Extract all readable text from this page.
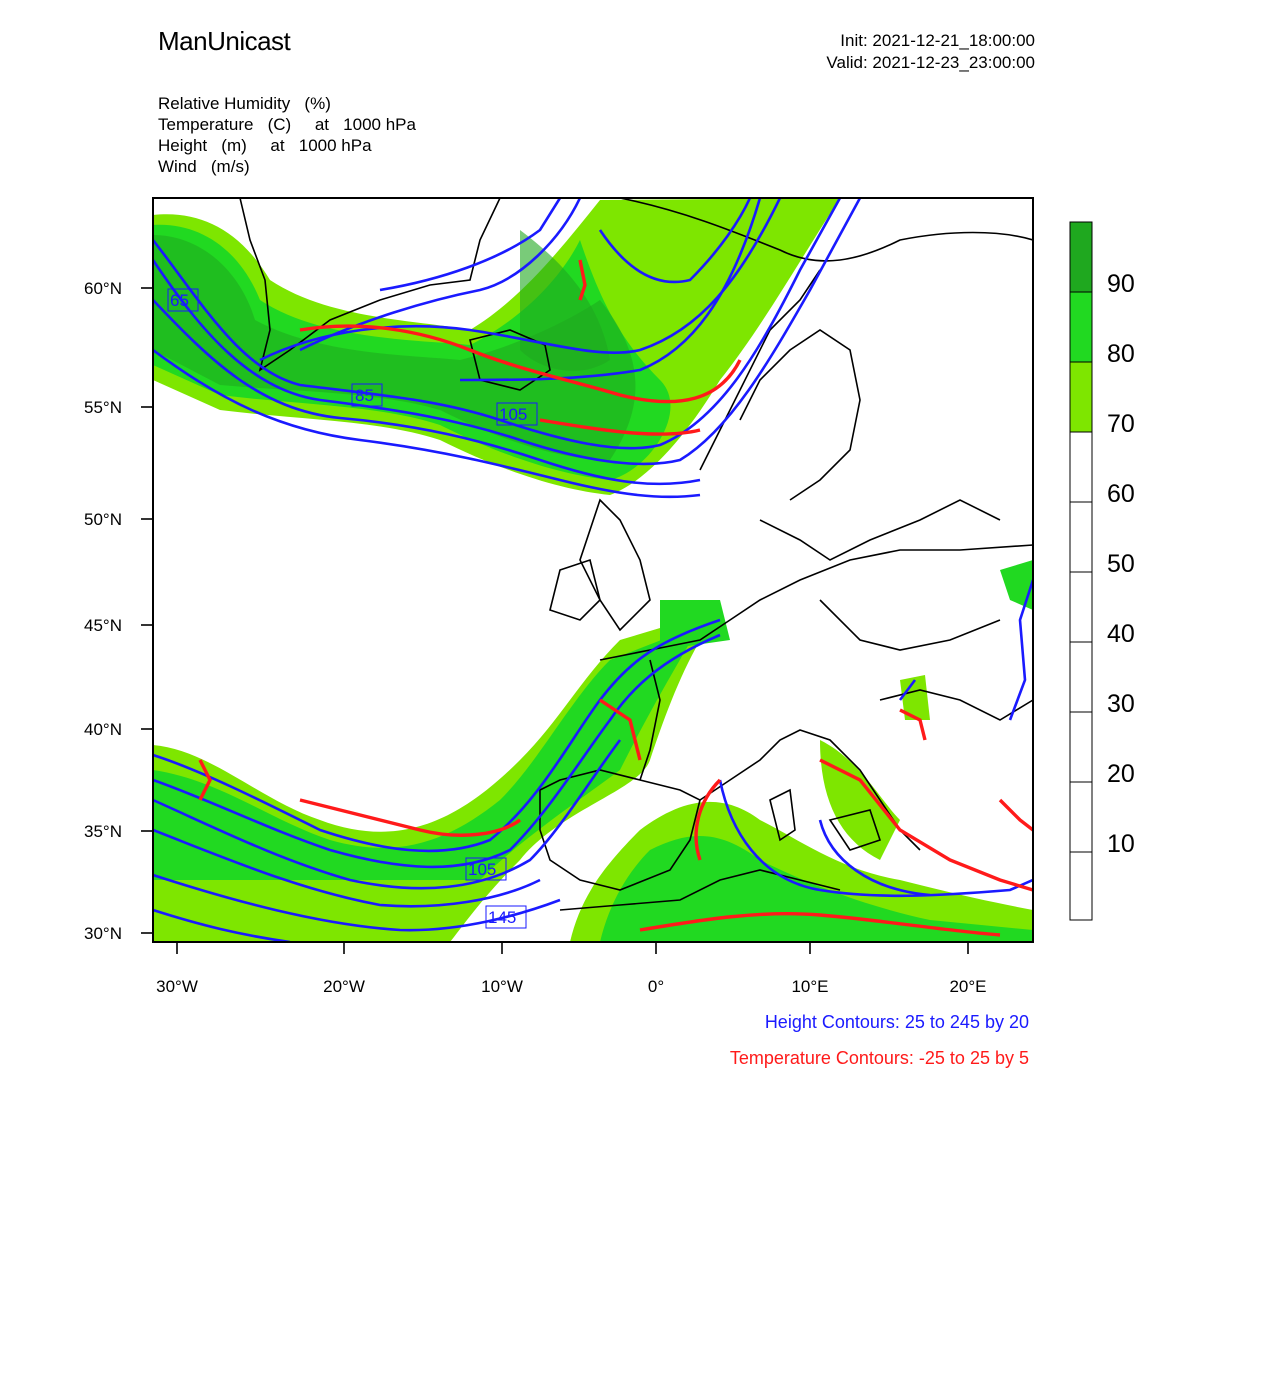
ManUnicast	Init: 2021-12-21_18:00:00
Valid: 2021-12-23_23:00:00
Relative Humidity   (%)
Temperature   (C)     at   1000 hPa
Height   (m)     at   1000 hPa
Wind   (m/s)
60°N
55°N
50°N
45°N
40°N
35°N
30°N
30°W	20°W	10°W	0°	10°E	20°E
65
85
105
105
145
90
80
70
60
50
40
30
20
10
Height Contours: 25 to 245 by 20
Temperature Contours: -25 to 25 by 5
